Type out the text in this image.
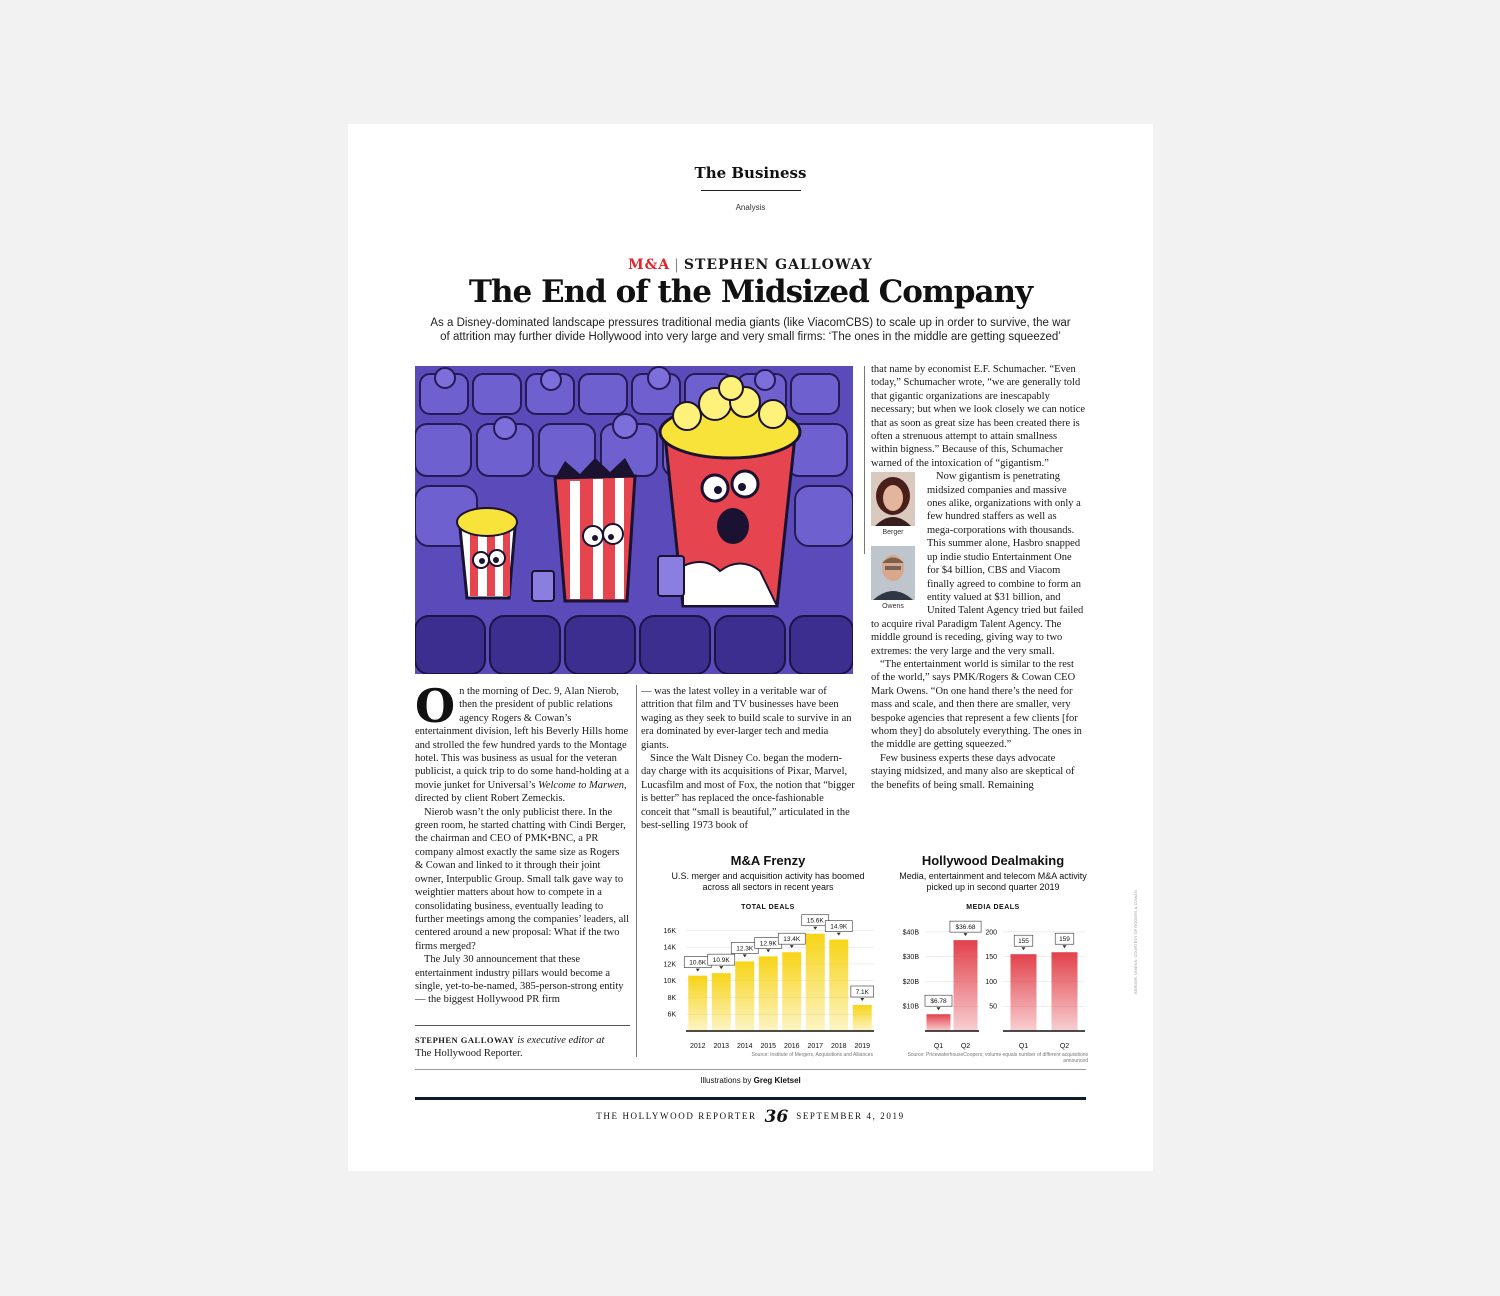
The Business
Analysis
M&A | STEPHEN GALLOWAY
The End of the Midsized Company
As a Disney-dominated landscape pressures traditional media giants (like ViacomCBS) to scale up in order to survive, the war
of attrition may further divide Hollywood into very large and very small firms: ‘The ones in the middle are getting squeezed’
O n the morning of Dec. 9, Alan Nierob, then the president of public relations agency Rogers & Cowan’s entertainment division, left his Beverly Hills home and strolled the few hundred yards to the Montage hotel. This was business as usual for the veteran publicist, a quick trip to do some hand-holding at a movie junket for Universal’s Welcome to Marwen, directed by client Robert Zemeckis.

Nierob wasn’t the only publicist there. In the green room, he started chatting with Cindi Berger, the chairman and CEO of PMK•BNC, a PR company almost exactly the same size as Rogers & Cowan and linked to it through their joint owner, Interpublic Group. Small talk gave way to weightier matters about how to compete in a consolidating business, eventually leading to further meetings among the companies’ leaders, all centered around a new proposal: What if the two firms merged?

The July 30 announcement that these entertainment industry pillars would become a single, yet-to-be-named, 385-person-strong entity — the biggest Hollywood PR firm

STEPHEN GALLOWAY is executive editor at
The Hollywood Reporter.

— was the latest volley in a veritable war of attrition that film and TV businesses have been waging as they seek to build scale to survive in an era dominated by ever-larger tech and media giants.

Since the Walt Disney Co. began the modern-day charge with its acquisitions of Pixar, Marvel, Lucasfilm and most of Fox, the notion that “bigger is better” has replaced the once-fashionable conceit that “small is beautiful,” articulated in the best-selling 1973 book of

that name by economist E.F. Schumacher. “Even today,” Schumacher wrote, “we are generally told that gigantic organizations are inescapably necessary; but when we look closely we can notice that as soon as great size has been created there is often a strenuous attempt to attain smallness within bigness.” Because of this, Schumacher warned of the intoxication of “gigantism.”

Berger
Owens

Now gigantism is penetrating midsized companies and massive ones alike, organizations with only a few hundred staffers as well as mega-corporations with thousands. This summer alone, Hasbro snapped up indie studio Entertainment One for $4 billion, CBS and Viacom finally agreed to combine to form an entity valued at $31 billion, and United Talent Agency tried but failed to acquire rival Paradigm Talent Agency. The middle ground is receding, giving way to two extremes: the very large and the very small.

“The entertainment world is similar to the rest of the world,” says PMK/Rogers & Cowan CEO Mark Owens. “On one hand there’s the need for mass and scale, and then there are smaller, very bespoke agencies that represent a few clients [for whom they] do absolutely everything. The ones in the middle are getting squeezed.”

Few business experts these days advocate staying midsized, and many also are skeptical of the benefits of being small. Remaining

M&A Frenzy
U.S. merger and acquisition activity has boomed across all sectors in recent years
TOTAL DEALS
6K
8K
10K
12K
14K
16K
10.6K
2012
10.9K
2013
12.3K
2014
12.9K
2015
13.4K
2016
15.6K
2017
14.9K
2018
7.1K
2019
Source: Institute of Mergers, Acquisitions and Alliances
Hollywood Dealmaking
Media, entertainment and telecom M&A activity picked up in second quarter 2019
MEDIA DEALS
$10B
$20B
$30B
$40B
$6.78
Q1
$36.68
Q2
50
100
150
200
155
Q1
159
Q2
Source: PricewaterhouseCoopers; volume equals number of different acquisitions announced
Illustrations by Greg Kletsel
THE HOLLYWOOD REPORTER 36 SEPTEMBER 4, 2019
BERGER, OWENS: COURTESY OF ROGERS & COWAN
